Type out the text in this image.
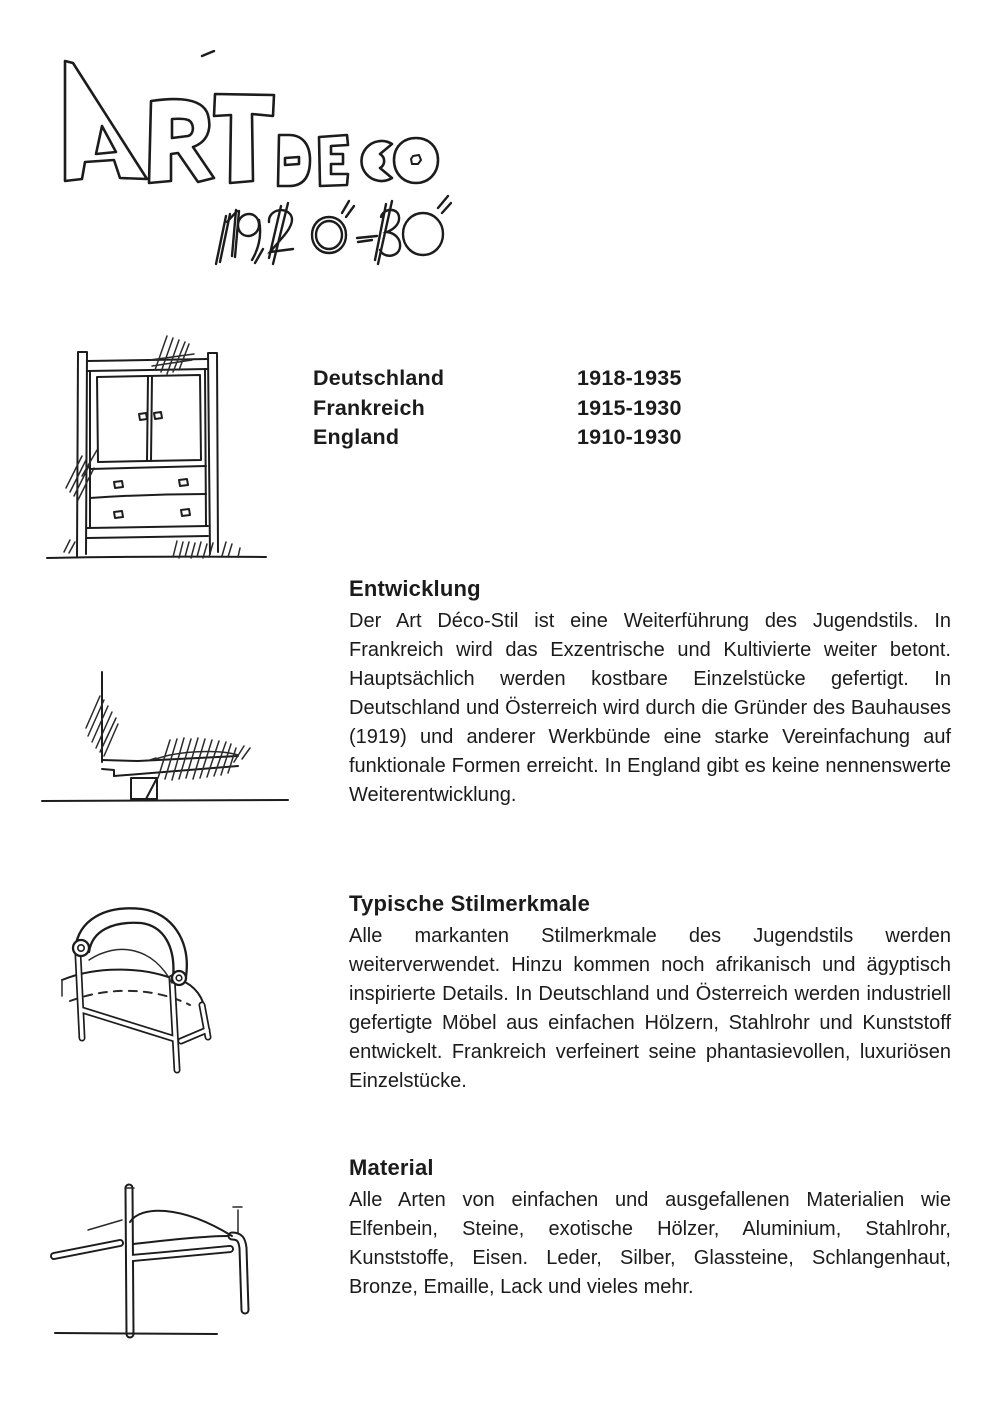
Deutschland	1918-1935
Frankreich	1915-1930
England	1910-1930
Entwicklung

Der Art Déco-Stil ist eine Weiterführung des Jugendstils. In Frankreich wird das Exzentrische und Kultivierte weiter betont. Hauptsächlich werden kostbare Einzelstücke gefertigt. In Deutschland und Österreich wird durch die Gründer des Bauhauses (1919) und anderer Werkbünde eine starke Vereinfachung auf funktionale Formen erreicht. In England gibt es keine nennenswerte Weiterentwicklung.

Typische Stilmerkmale

Alle markanten Stilmerkmale des Jugendstils werden weiterverwendet. Hinzu kommen noch afrikanisch und ägyptisch inspirierte Details. In Deutschland und Österreich werden industriell gefertigte Möbel aus einfachen Hölzern, Stahlrohr und Kunststoff entwickelt. Frankreich verfeinert seine phantasievollen, luxuriösen Einzelstücke.

Material

Alle Arten von einfachen und ausgefallenen Materialien wie Elfenbein, Steine, exotische Hölzer, Aluminium, Stahlrohr, Kunststoffe, Eisen. Leder, Silber, Glassteine, Schlangenhaut, Bronze, Emaille, Lack und vieles mehr.
